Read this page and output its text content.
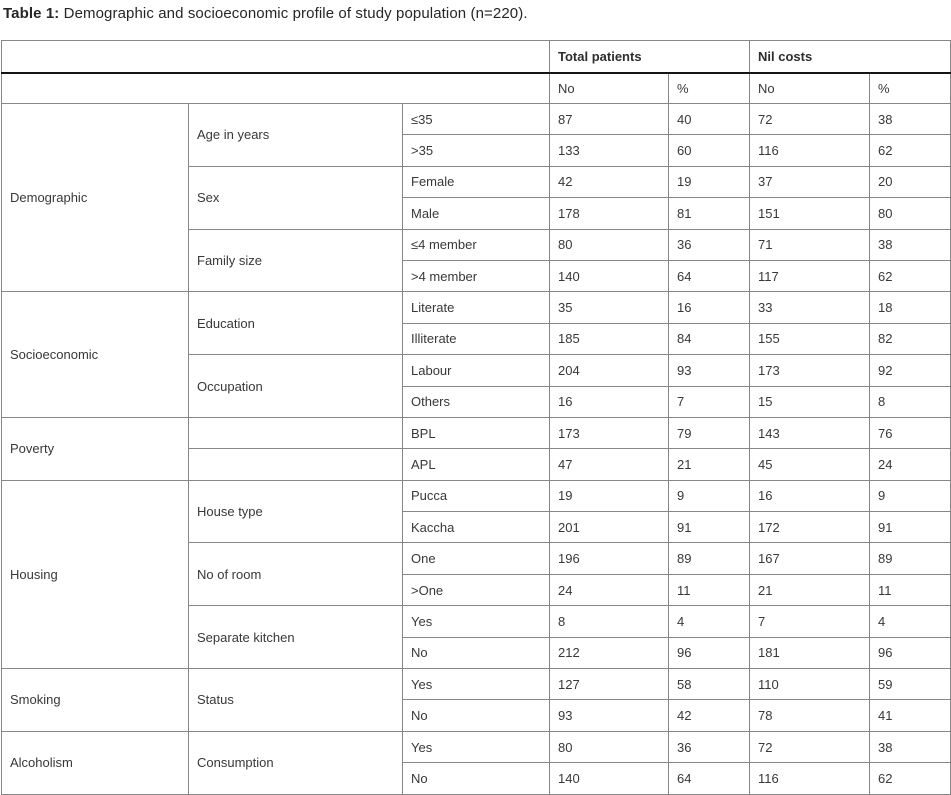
Table 1: Demographic and socioeconomic profile of study population (n=220).
			Total patients		Nil costs	
			No	%	No	%
Demographic	Age in years	≤35	87	40	72	38
		>35	133	60	116	62
	Sex	Female	42	19	37	20
		Male	178	81	151	80
	Family size	≤4 member	80	36	71	38
		>4 member	140	64	117	62
Socioeconomic	Education	Literate	35	16	33	18
		Illiterate	185	84	155	82
	Occupation	Labour	204	93	173	92
		Others	16	7	15	8
Poverty		BPL	173	79	143	76
		APL	47	21	45	24
Housing	House type	Pucca	19	9	16	9
		Kaccha	201	91	172	91
	No of room	One	196	89	167	89
		>One	24	11	21	11
	Separate kitchen	Yes	8	4	7	4
		No	212	96	181	96
Smoking	Status	Yes	127	58	110	59
		No	93	42	78	41
Alcoholism	Consumption	Yes	80	36	72	38
		No	140	64	116	62
